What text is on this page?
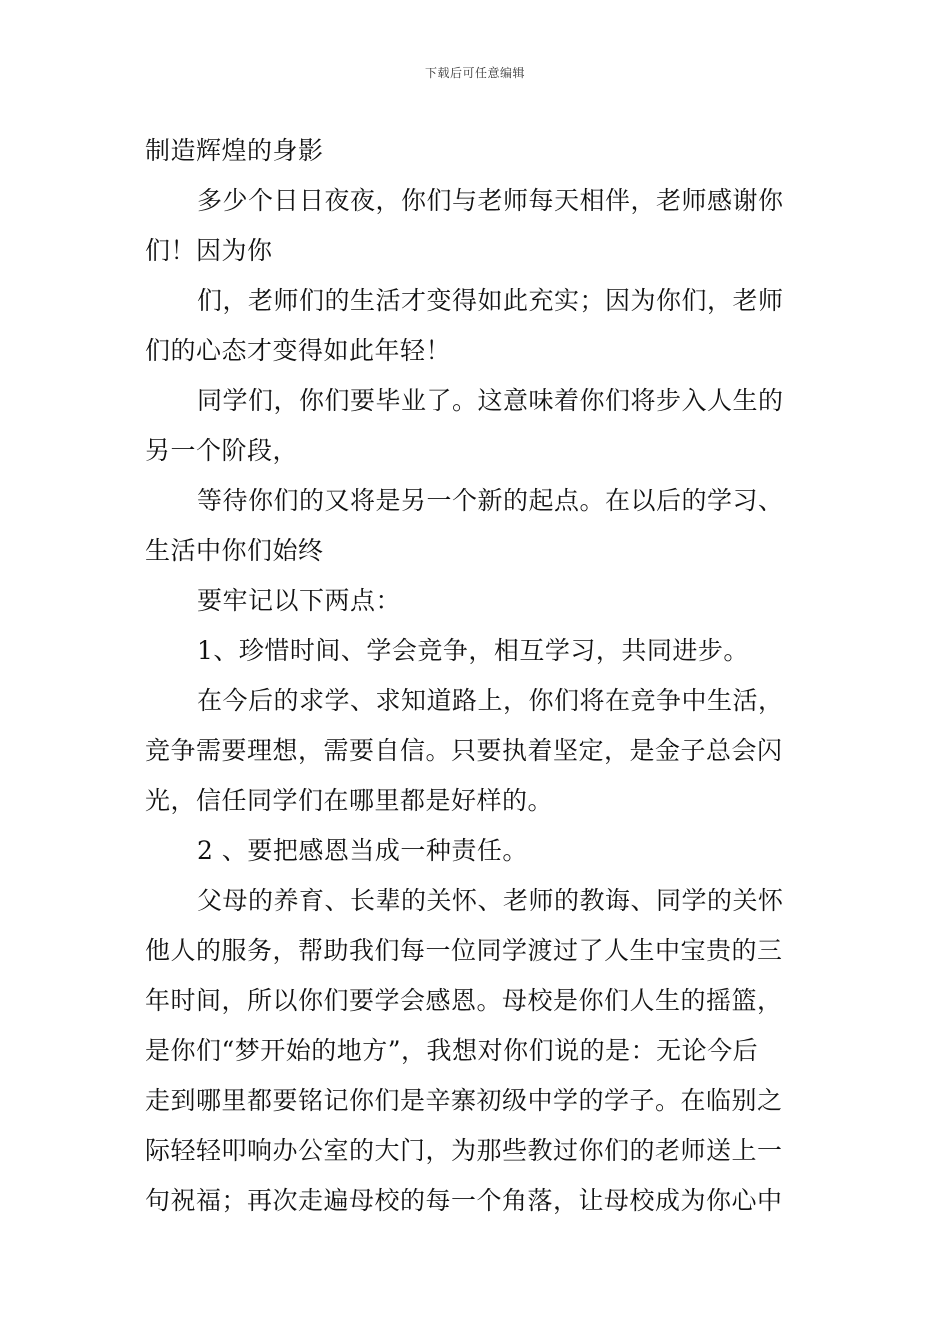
下载后可任意编辑
制造辉煌的身影
多少个日日夜夜，你们与老师每天相伴，老师感谢你
们！因为你
们，老师们的生活才变得如此充实；因为你们，老师
们的心态才变得如此年轻！
同学们，你们要毕业了。这意味着你们将步入人生的
另一个阶段，
等待你们的又将是另一个新的起点。在以后的学习、
生活中你们始终
要牢记以下两点：
1、珍惜时间、学会竞争，相互学习，共同进步。
在今后的求学、求知道路上，你们将在竞争中生活，
竞争需要理想，需要自信。只要执着坚定，是金子总会闪
光，信任同学们在哪里都是好样的。
2 、要把感恩当成一种责任。
父母的养育、长辈的关怀、老师的教诲、同学的关怀
他人的服务，帮助我们每一位同学渡过了人生中宝贵的三
年时间，所以你们要学会感恩。母校是你们人生的摇篮，
是你们“梦开始的地方”，我想对你们说的是：无论今后
走到哪里都要铭记你们是辛寨初级中学的学子。在临别之
际轻轻叩响办公室的大门，为那些教过你们的老师送上一
句祝福；再次走遍母校的每一个角落，让母校成为你心中
